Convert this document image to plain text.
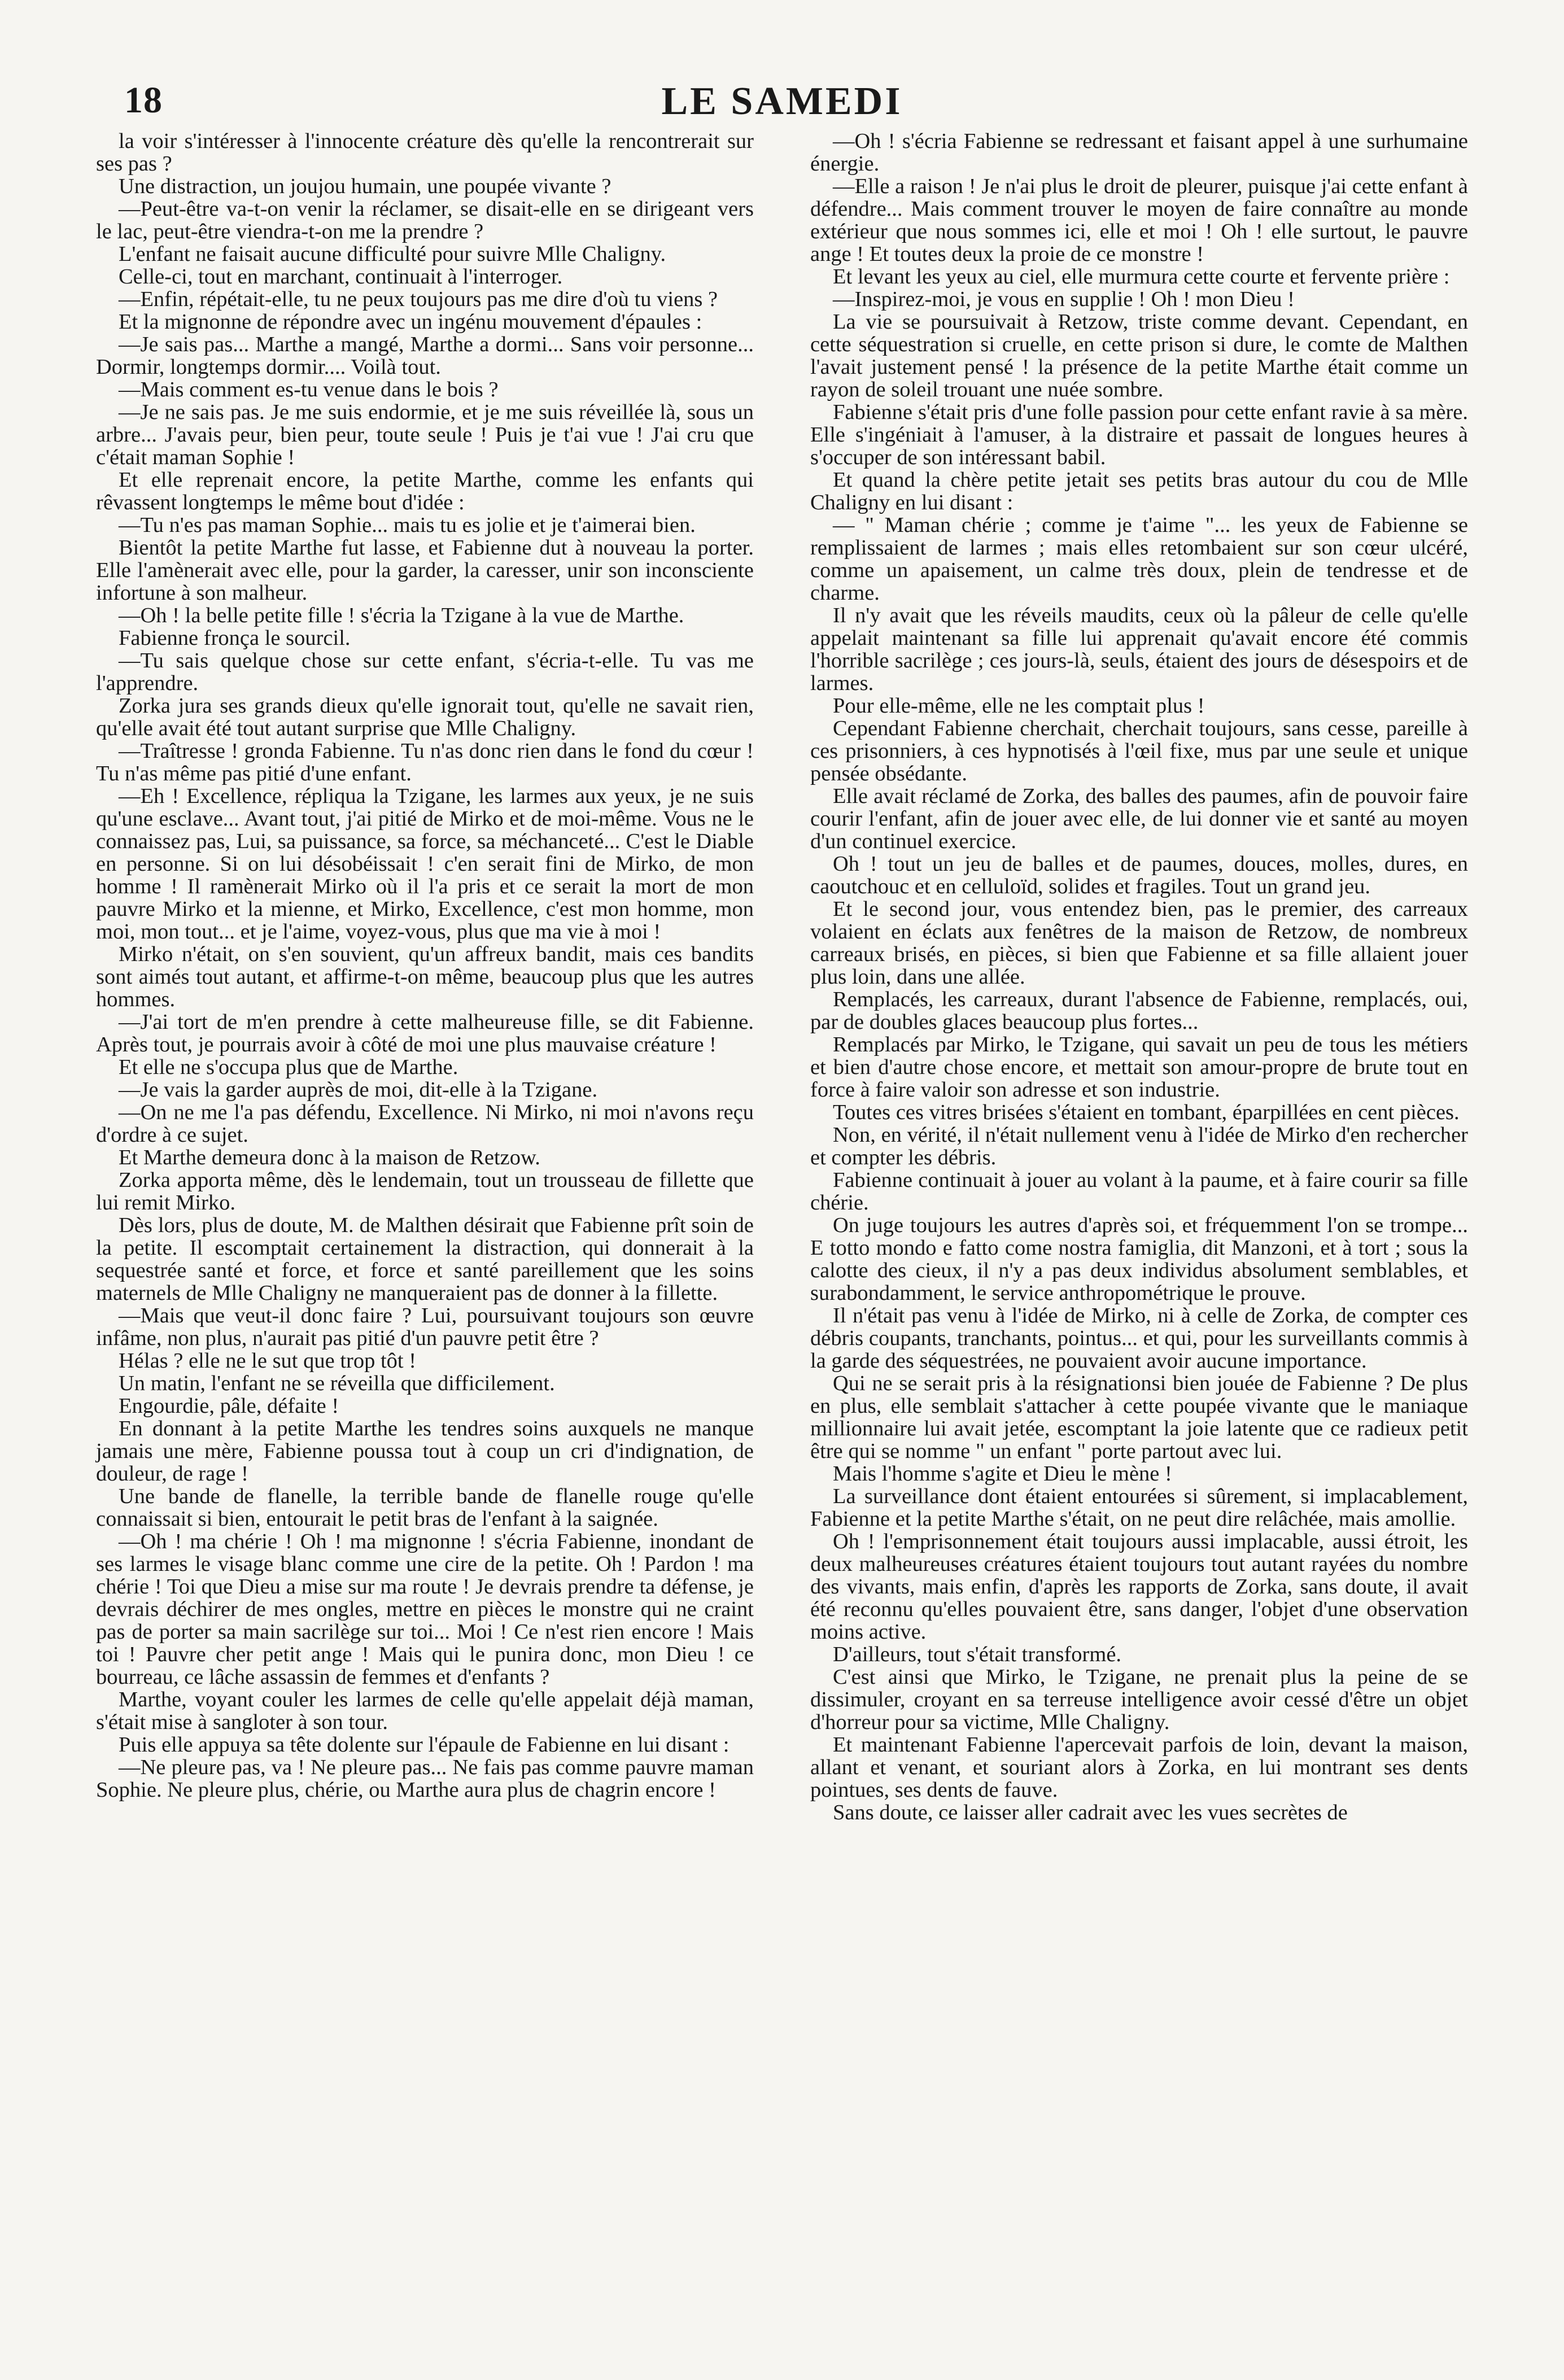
18	LE SAMEDI

la voir s'intéresser à l'innocente créature dès qu'elle la rencontrerait sur ses pas ?

Une distraction, un joujou humain, une poupée vivante ?

—Peut-être va-t-on venir la réclamer, se disait-elle en se dirigeant vers le lac, peut-être viendra-t-on me la prendre ?

L'enfant ne faisait aucune difficulté pour suivre Mlle Chaligny.

Celle-ci, tout en marchant, continuait à l'interroger.

—Enfin, répétait-elle, tu ne peux toujours pas me dire d'où tu viens ?

Et la mignonne de répondre avec un ingénu mouvement d'épaules :

—Je sais pas... Marthe a mangé, Marthe a dormi... Sans voir personne... Dormir, longtemps dormir.... Voilà tout.

—Mais comment es-tu venue dans le bois ?

—Je ne sais pas. Je me suis endormie, et je me suis réveillée là, sous un arbre... J'avais peur, bien peur, toute seule ! Puis je t'ai vue ! J'ai cru que c'était maman Sophie !

Et elle reprenait encore, la petite Marthe, comme les enfants qui rêvassent longtemps le même bout d'idée :

—Tu n'es pas maman Sophie... mais tu es jolie et je t'aimerai bien.

Bientôt la petite Marthe fut lasse, et Fabienne dut à nouveau la porter. Elle l'amènerait avec elle, pour la garder, la caresser, unir son inconsciente infortune à son malheur.

—Oh ! la belle petite fille ! s'écria la Tzigane à la vue de Marthe.

Fabienne fronça le sourcil.

—Tu sais quelque chose sur cette enfant, s'écria-t-elle. Tu vas me l'apprendre.

Zorka jura ses grands dieux qu'elle ignorait tout, qu'elle ne savait rien, qu'elle avait été tout autant surprise que Mlle Chaligny.

—Traîtresse ! gronda Fabienne. Tu n'as donc rien dans le fond du cœur ! Tu n'as même pas pitié d'une enfant.

—Eh ! Excellence, répliqua la Tzigane, les larmes aux yeux, je ne suis qu'une esclave... Avant tout, j'ai pitié de Mirko et de moi-même. Vous ne le connaissez pas, Lui, sa puissance, sa force, sa méchanceté... C'est le Diable en personne. Si on lui désobéissait ! c'en serait fini de Mirko, de mon homme ! Il ramènerait Mirko où il l'a pris et ce serait la mort de mon pauvre Mirko et la mienne, et Mirko, Excellence, c'est mon homme, mon moi, mon tout... et je l'aime, voyez-vous, plus que ma vie à moi !

Mirko n'était, on s'en souvient, qu'un affreux bandit, mais ces bandits sont aimés tout autant, et affirme-t-on même, beaucoup plus que les autres hommes.

—J'ai tort de m'en prendre à cette malheureuse fille, se dit Fabienne. Après tout, je pourrais avoir à côté de moi une plus mauvaise créature !

Et elle ne s'occupa plus que de Marthe.

—Je vais la garder auprès de moi, dit-elle à la Tzigane.

—On ne me l'a pas défendu, Excellence. Ni Mirko, ni moi n'avons reçu d'ordre à ce sujet.

Et Marthe demeura donc à la maison de Retzow.

Zorka apporta même, dès le lendemain, tout un trousseau de fillette que lui remit Mirko.

Dès lors, plus de doute, M. de Malthen désirait que Fabienne prît soin de la petite. Il escomptait certainement la distraction, qui donnerait à la sequestrée santé et force, et force et santé pareillement que les soins maternels de Mlle Chaligny ne manqueraient pas de donner à la fillette.

—Mais que veut-il donc faire ? Lui, poursuivant toujours son œuvre infâme, non plus, n'aurait pas pitié d'un pauvre petit être ?

Hélas ? elle ne le sut que trop tôt !

Un matin, l'enfant ne se réveilla que difficilement.

Engourdie, pâle, défaite !

En donnant à la petite Marthe les tendres soins auxquels ne manque jamais une mère, Fabienne poussa tout à coup un cri d'indignation, de douleur, de rage !

Une bande de flanelle, la terrible bande de flanelle rouge qu'elle connaissait si bien, entourait le petit bras de l'enfant à la saignée.

—Oh ! ma chérie ! Oh ! ma mignonne ! s'écria Fabienne, inondant de ses larmes le visage blanc comme une cire de la petite. Oh ! Pardon ! ma chérie ! Toi que Dieu a mise sur ma route ! Je devrais prendre ta défense, je devrais déchirer de mes ongles, mettre en pièces le monstre qui ne craint pas de porter sa main sacrilège sur toi... Moi ! Ce n'est rien encore ! Mais toi ! Pauvre cher petit ange ! Mais qui le punira donc, mon Dieu ! ce bourreau, ce lâche assassin de femmes et d'enfants ?

Marthe, voyant couler les larmes de celle qu'elle appelait déjà maman, s'était mise à sangloter à son tour.

Puis elle appuya sa tête dolente sur l'épaule de Fabienne en lui disant :

—Ne pleure pas, va ! Ne pleure pas... Ne fais pas comme pauvre maman Sophie. Ne pleure plus, chérie, ou Marthe aura plus de chagrin encore !

—Oh ! s'écria Fabienne se redressant et faisant appel à une surhumaine énergie.

—Elle a raison ! Je n'ai plus le droit de pleurer, puisque j'ai cette enfant à défendre... Mais comment trouver le moyen de faire connaître au monde extérieur que nous sommes ici, elle et moi ! Oh ! elle surtout, le pauvre ange ! Et toutes deux la proie de ce monstre !

Et levant les yeux au ciel, elle murmura cette courte et fervente prière :

—Inspirez-moi, je vous en supplie ! Oh ! mon Dieu !

La vie se poursuivait à Retzow, triste comme devant. Cependant, en cette séquestration si cruelle, en cette prison si dure, le comte de Malthen l'avait justement pensé ! la présence de la petite Marthe était comme un rayon de soleil trouant une nuée sombre.

Fabienne s'était pris d'une folle passion pour cette enfant ravie à sa mère. Elle s'ingéniait à l'amuser, à la distraire et passait de longues heures à s'occuper de son intéressant babil.

Et quand la chère petite jetait ses petits bras autour du cou de Mlle Chaligny en lui disant :

— " Maman chérie ; comme je t'aime "... les yeux de Fabienne se remplissaient de larmes ; mais elles retombaient sur son cœur ulcéré, comme un apaisement, un calme très doux, plein de tendresse et de charme.

Il n'y avait que les réveils maudits, ceux où la pâleur de celle qu'elle appelait maintenant sa fille lui apprenait qu'avait encore été commis l'horrible sacrilège ; ces jours-là, seuls, étaient des jours de désespoirs et de larmes.

Pour elle-même, elle ne les comptait plus !

Cependant Fabienne cherchait, cherchait toujours, sans cesse, pareille à ces prisonniers, à ces hypnotisés à l'œil fixe, mus par une seule et unique pensée obsédante.

Elle avait réclamé de Zorka, des balles des paumes, afin de pouvoir faire courir l'enfant, afin de jouer avec elle, de lui donner vie et santé au moyen d'un continuel exercice.

Oh ! tout un jeu de balles et de paumes, douces, molles, dures, en caoutchouc et en celluloïd, solides et fragiles. Tout un grand jeu.

Et le second jour, vous entendez bien, pas le premier, des carreaux volaient en éclats aux fenêtres de la maison de Retzow, de nombreux carreaux brisés, en pièces, si bien que Fabienne et sa fille allaient jouer plus loin, dans une allée.

Remplacés, les carreaux, durant l'absence de Fabienne, remplacés, oui, par de doubles glaces beaucoup plus fortes...

Remplacés par Mirko, le Tzigane, qui savait un peu de tous les métiers et bien d'autre chose encore, et mettait son amour-propre de brute tout en force à faire valoir son adresse et son industrie.

Toutes ces vitres brisées s'étaient en tombant, éparpillées en cent pièces.

Non, en vérité, il n'était nullement venu à l'idée de Mirko d'en rechercher et compter les débris.

Fabienne continuait à jouer au volant à la paume, et à faire courir sa fille chérie.

On juge toujours les autres d'après soi, et fréquemment l'on se trompe... E totto mondo e fatto come nostra famiglia, dit Manzoni, et à tort ; sous la calotte des cieux, il n'y a pas deux individus absolument semblables, et surabondamment, le service anthropométrique le prouve.

Il n'était pas venu à l'idée de Mirko, ni à celle de Zorka, de compter ces débris coupants, tranchants, pointus... et qui, pour les surveillants commis à la garde des séquestrées, ne pouvaient avoir aucune importance.

Qui ne se serait pris à la résignationsi bien jouée de Fabienne ? De plus en plus, elle semblait s'attacher à cette poupée vivante que le maniaque millionnaire lui avait jetée, escomptant la joie latente que ce radieux petit être qui se nomme " un enfant " porte partout avec lui.

Mais l'homme s'agite et Dieu le mène !

La surveillance dont étaient entourées si sûrement, si implacablement, Fabienne et la petite Marthe s'était, on ne peut dire relâchée, mais amollie.

Oh ! l'emprisonnement était toujours aussi implacable, aussi étroit, les deux malheureuses créatures étaient toujours tout autant rayées du nombre des vivants, mais enfin, d'après les rapports de Zorka, sans doute, il avait été reconnu qu'elles pouvaient être, sans danger, l'objet d'une observation moins active.

D'ailleurs, tout s'était transformé.

C'est ainsi que Mirko, le Tzigane, ne prenait plus la peine de se dissimuler, croyant en sa terreuse intelligence avoir cessé d'être un objet d'horreur pour sa victime, Mlle Chaligny.

Et maintenant Fabienne l'apercevait parfois de loin, devant la maison, allant et venant, et souriant alors à Zorka, en lui montrant ses dents pointues, ses dents de fauve.

Sans doute, ce laisser aller cadrait avec les vues secrètes de
